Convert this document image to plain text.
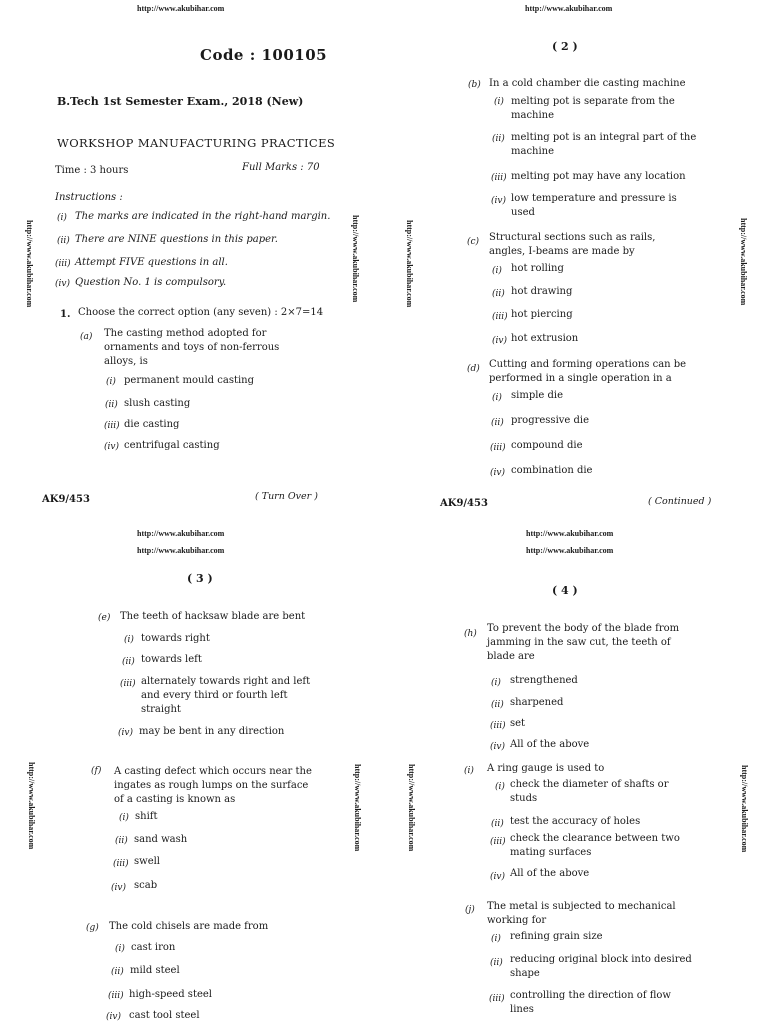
http://www.akubihar.com
http://www.akubihar.com	http://www.akubihar.com
Code : 100105
B.Tech 1st Semester Exam., 2018 (New)
WORKSHOP MANUFACTURING PRACTICES
Time : 3 hours	Full Marks : 70
Instructions :
(i) The marks are indicated in the right-hand margin.
(ii) There are NINE questions in this paper.
(iii) Attempt FIVE questions in all.
(iv) Question No. 1 is compulsory.
1. Choose the correct option (any seven) : 2×7=14
(a) The casting method adopted for
ornaments and toys of non-ferrous
alloys, is
(i) permanent mould casting
(ii) slush casting
(iii) die casting
(iv) centrifugal casting
AK9/453	( Turn Over )
http://www.akubihar.com
http://www.akubihar.com	http://www.akubihar.com
( 2 )
(b) In a cold chamber die casting machine
(i) melting pot is separate from the
machine
(ii) melting pot is an integral part of the
machine
(iii) melting pot may have any location
(iv) low temperature and pressure is
used
(c) Structural sections such as rails,
angles, I-beams are made by
(i) hot rolling
(ii) hot drawing
(iii) hot piercing
(iv) hot extrusion
(d) Cutting and forming operations can be
performed in a single operation in a
(i) simple die
(ii) progressive die
(iii) compound die
(iv) combination die
AK9/453	( Continued )
http://www.akubihar.com
http://www.akubihar.com
http://www.akubihar.com	http://www.akubihar.com
( 3 )
(e) The teeth of hacksaw blade are bent
(i) towards right
(ii) towards left
(iii) alternately towards right and left
and every third or fourth left
straight
(iv) may be bent in any direction
(f) A casting defect which occurs near the
ingates as rough lumps on the surface
of a casting is known as
(i) shift
(ii) sand wash
(iii) swell
(iv) scab
(g) The cold chisels are made from
(i) cast iron
(ii) mild steel
(iii) high-speed steel
(iv) cast tool steel
http://www.akubihar.com
http://www.akubihar.com
http://www.akubihar.com	http://www.akubihar.com
( 4 )
(h) To prevent the body of the blade from
jamming in the saw cut, the teeth of
blade are
(i) strengthened
(ii) sharpened
(iii) set
(iv) All of the above
(i) A ring gauge is used to
(i) check the diameter of shafts or
studs
(ii) test the accuracy of holes
(iii) check the clearance between two
mating surfaces
(iv) All of the above
(j) The metal is subjected to mechanical
working for
(i) refining grain size
(ii) reducing original block into desired
shape
(iii) controlling the direction of flow
lines
